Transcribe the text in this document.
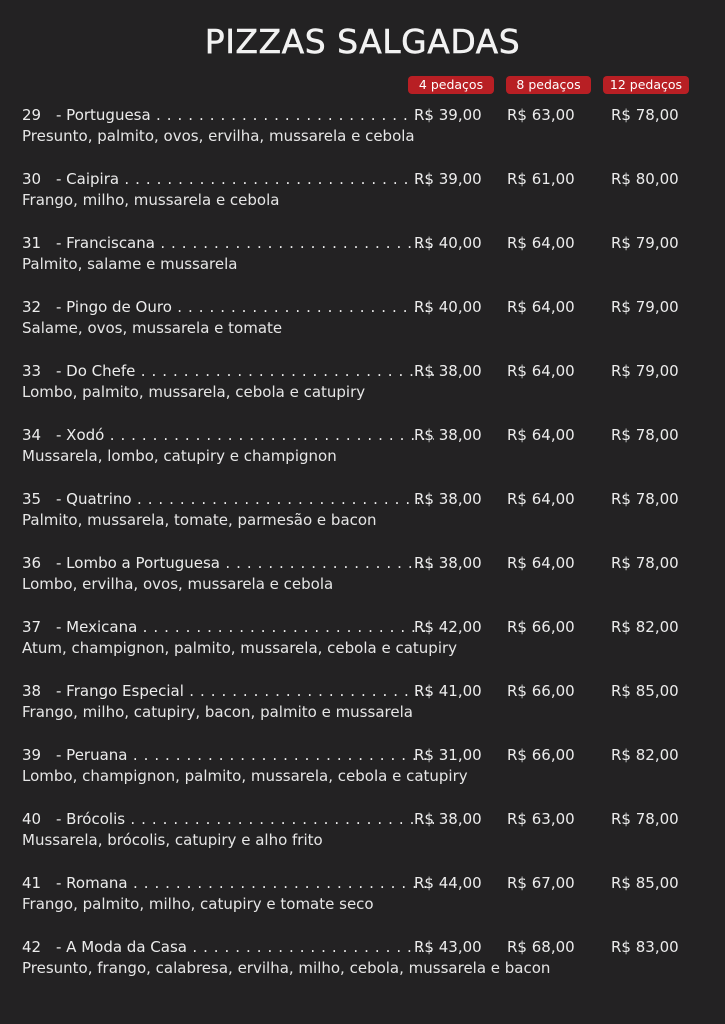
PIZZAS SALGADAS
4 pedaços	8 pedaços	12 pedaços
29 - Portuguesa . . .	R$ 39,00 R$ 63,00 R$ 78,00
Presunto, palmito, ovos, ervilha, mussarela e cebola
30 - Caipira . . .	R$ 39,00 R$ 61,00 R$ 80,00
Frango, milho, mussarela e cebola
31 - Franciscana . . .	R$ 40,00 R$ 64,00 R$ 79,00
Palmito, salame e mussarela
32 - Pingo de Ouro . . .	R$ 40,00 R$ 64,00 R$ 79,00
Salame, ovos, mussarela e tomate
33 - Do Chefe . . .	R$ 38,00 R$ 64,00 R$ 79,00
Lombo, palmito, mussarela, cebola e catupiry
34 - Xodó . . .	R$ 38,00 R$ 64,00 R$ 78,00
Mussarela, lombo, catupiry e champignon
35 - Quatrino . . .	R$ 38,00 R$ 64,00 R$ 78,00
Palmito, mussarela, tomate, parmesão e bacon
36 - Lombo a Portuguesa . . .	R$ 38,00 R$ 64,00 R$ 78,00
Lombo, ervilha, ovos, mussarela e cebola
37 - Mexicana . . .	R$ 42,00 R$ 66,00 R$ 82,00
Atum, champignon, palmito, mussarela, cebola e catupiry
38 - Frango Especial . . .	R$ 41,00 R$ 66,00 R$ 85,00
Frango, milho, catupiry, bacon, palmito e mussarela
39 - Peruana . . .	R$ 31,00 R$ 66,00 R$ 82,00
Lombo, champignon, palmito, mussarela, cebola e catupiry
40 - Brócolis . . .	R$ 38,00 R$ 63,00 R$ 78,00
Mussarela, brócolis, catupiry e alho frito
41 - Romana . . .	R$ 44,00 R$ 67,00 R$ 85,00
Frango, palmito, milho, catupiry e tomate seco
42 - A Moda da Casa . . .	R$ 43,00 R$ 68,00 R$ 83,00
Presunto, frango, calabresa, ervilha, milho, cebola, mussarela e bacon
